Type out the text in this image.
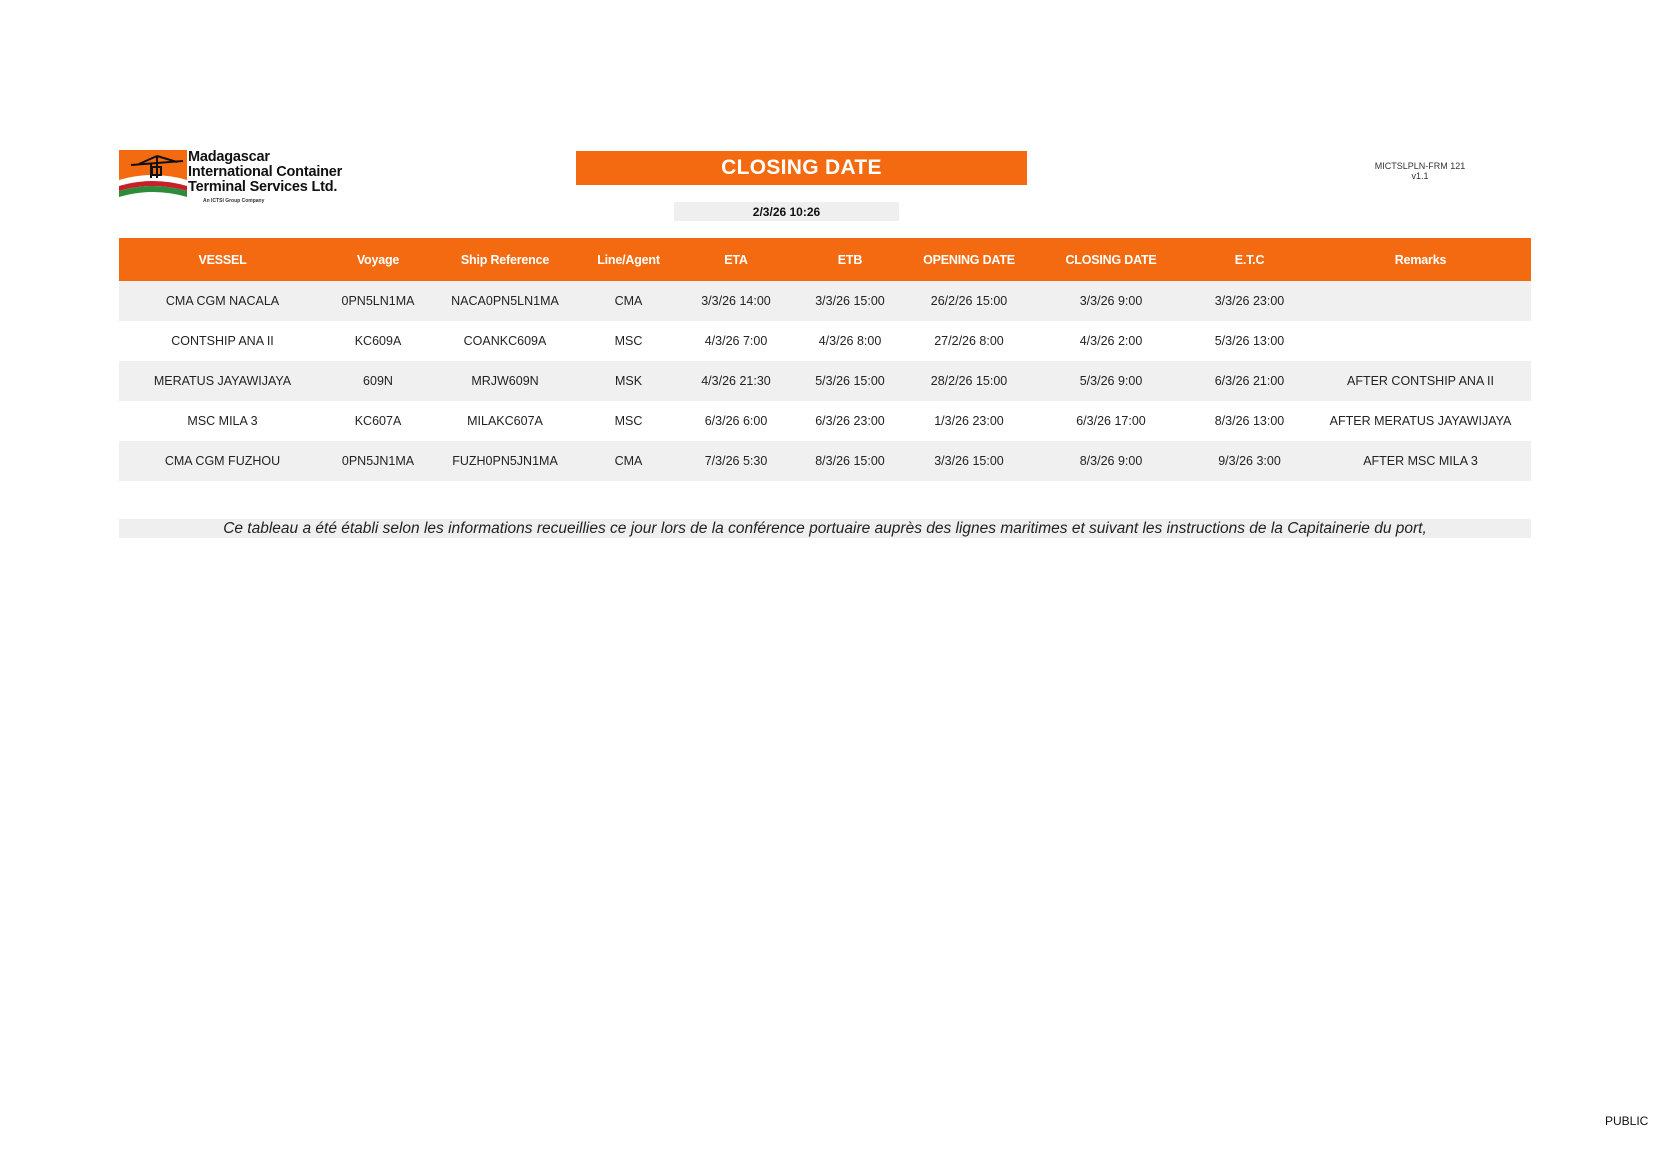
Madagascar
International Container
Terminal Services Ltd.
An ICTSI Group Company
CLOSING DATE	MICTSLPLN-FRM 121 v1.1
2/3/26 10:26
VESSEL	Voyage	Ship Reference	Line/Agent	ETA	ETB	OPENING DATE	CLOSING DATE	E.T.C	Remarks
CMA CGM NACALA	0PN5LN1MA	NACA0PN5LN1MA	CMA	3/3/26 14:00	3/3/26 15:00	26/2/26 15:00	3/3/26 9:00	3/3/26 23:00	
CONTSHIP ANA II	KC609A	COANKC609A	MSC	4/3/26 7:00	4/3/26 8:00	27/2/26 8:00	4/3/26 2:00	5/3/26 13:00	
MERATUS JAYAWIJAYA	609N	MRJW609N	MSK	4/3/26 21:30	5/3/26 15:00	28/2/26 15:00	5/3/26 9:00	6/3/26 21:00	AFTER CONTSHIP ANA II
MSC MILA 3	KC607A	MILAKC607A	MSC	6/3/26 6:00	6/3/26 23:00	1/3/26 23:00	6/3/26 17:00	8/3/26 13:00	AFTER MERATUS JAYAWIJAYA
CMA CGM FUZHOU	0PN5JN1MA	FUZH0PN5JN1MA	CMA	7/3/26 5:30	8/3/26 15:00	3/3/26 15:00	8/3/26 9:00	9/3/26 3:00	AFTER MSC MILA 3
Ce tableau a été établi selon les informations recueillies ce jour lors de la conférence portuaire auprès des lignes maritimes et suivant les instructions de la Capitainerie du port,
PUBLIC
